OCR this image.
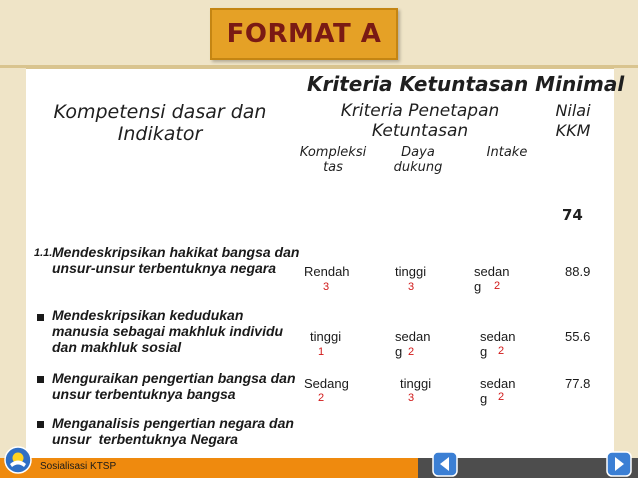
FORMAT A
Kriteria Ketuntasan Minimal
Kompetensi dasar dan
Indikator
Kriteria Penetapan
Ketuntasan
Nilai
KKM
Kompleksi
tas
Daya
dukung
Intake
74
1.1. Mendeskripsikan hakikat bangsa dan
unsur-unsur terbentuknya negara	Rendah
3
tinggi
3
sedan
g	2
88.9
Mendeskripsikan kedudukan
manusia sebagai makhluk individu
dan makhluk sosial
tinggi
1
sedan
g 2
sedan
g 2
55.6
Menguraikan pengertian bangsa dan
unsur terbentuknya bangsa
Sedang
2
tinggi
3
sedan
g 2
77.8
Menganalisis pengertian negara dan
unsur  terbentuknya Negara
Sosialisasi KTSP
